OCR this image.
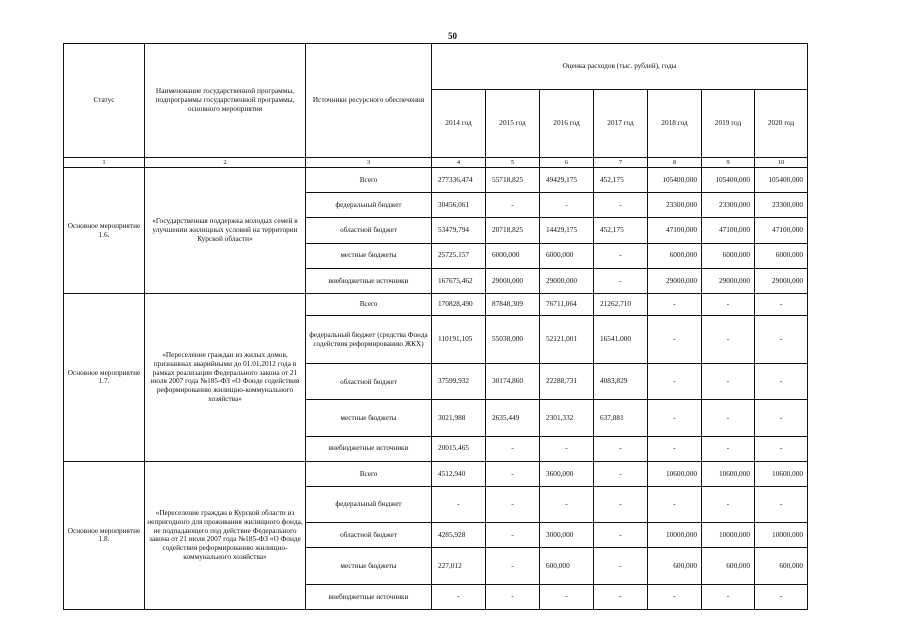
50
Статус	Наименование государственной программы, подпрограммы государственной программы, основного мероприятия	Источники ресурсного обеспечения	Оценка расходов (тыс. рублей), годы						
			2014 год	2015 год	2016 год	2017 год	2018 год	2019 год	2020 год
1	2	3	4	5	6	7	8	9	10
Основное мероприятие 1.6.	«Государственная поддержка молодых семей в улучшении жилищных условий на территории Курской области»	Всего	277336,474	55718,825	49429,175	452,175	105400,000	105400,000	105400,000
		федеральный бюджет	30456,061	-	-	-	23300,000	23300,000	23300,000
		областной бюджет	53479,794	20718,825	14429,175	452,175	47100,000	47100,000	47100,000
		местные бюджеты	25725,157	6000,000	6000,000	-	6000,000	6000,000	6000,000
		внебюджетные источники	167675,462	29000,000	29000,000	-	29000,000	29000,000	29000,000
Основное мероприятие 1.7.	«Переселение граждан из жилых домов, признанных аварийными до 01.01.2012 года в рамках реализации Федерального закона от 21 июля 2007 года №185-ФЗ «О Фонде содействия реформированию жилищно-коммунального хозяйства»	Всего	170828,490	87848,309	76711,064	21262,710	-	-	-
		федеральный бюджет (средства Фонда содействия реформированию ЖКХ)	110191,105	55038,000	52121,001	16541,000	-	-	-
		областной бюджет	37599,932	30174,860	22288,731	4083,829	-	-	-
		местные бюджеты	3021,988	2635,449	2301,332	637,881	-	-	-
		внебюджетные источники	20015,465	-	-	-	-	-	-
Основное мероприятие 1.8.	«Переселение граждан в Курской области из непригодного для проживания жилищного фонда, не подпадающего под действие Федерального закона от 21 июля 2007 года №185-ФЗ «О Фонде содействия реформированию жилищно-коммунального хозяйства»	Всего	4512,940	-	3600,000	-	10600,000	10600,000	10600,000
		федеральный бюджет	-	-	-	-	-	-	-
		областной бюджет	4285,928	-	3000,000	-	10000,000	10000,000	10000,000
		местные бюджеты	227,012	-	600,000	-	600,000	600,000	600,000
		внебюджетные источники	-	-	-	-	-	-	-
